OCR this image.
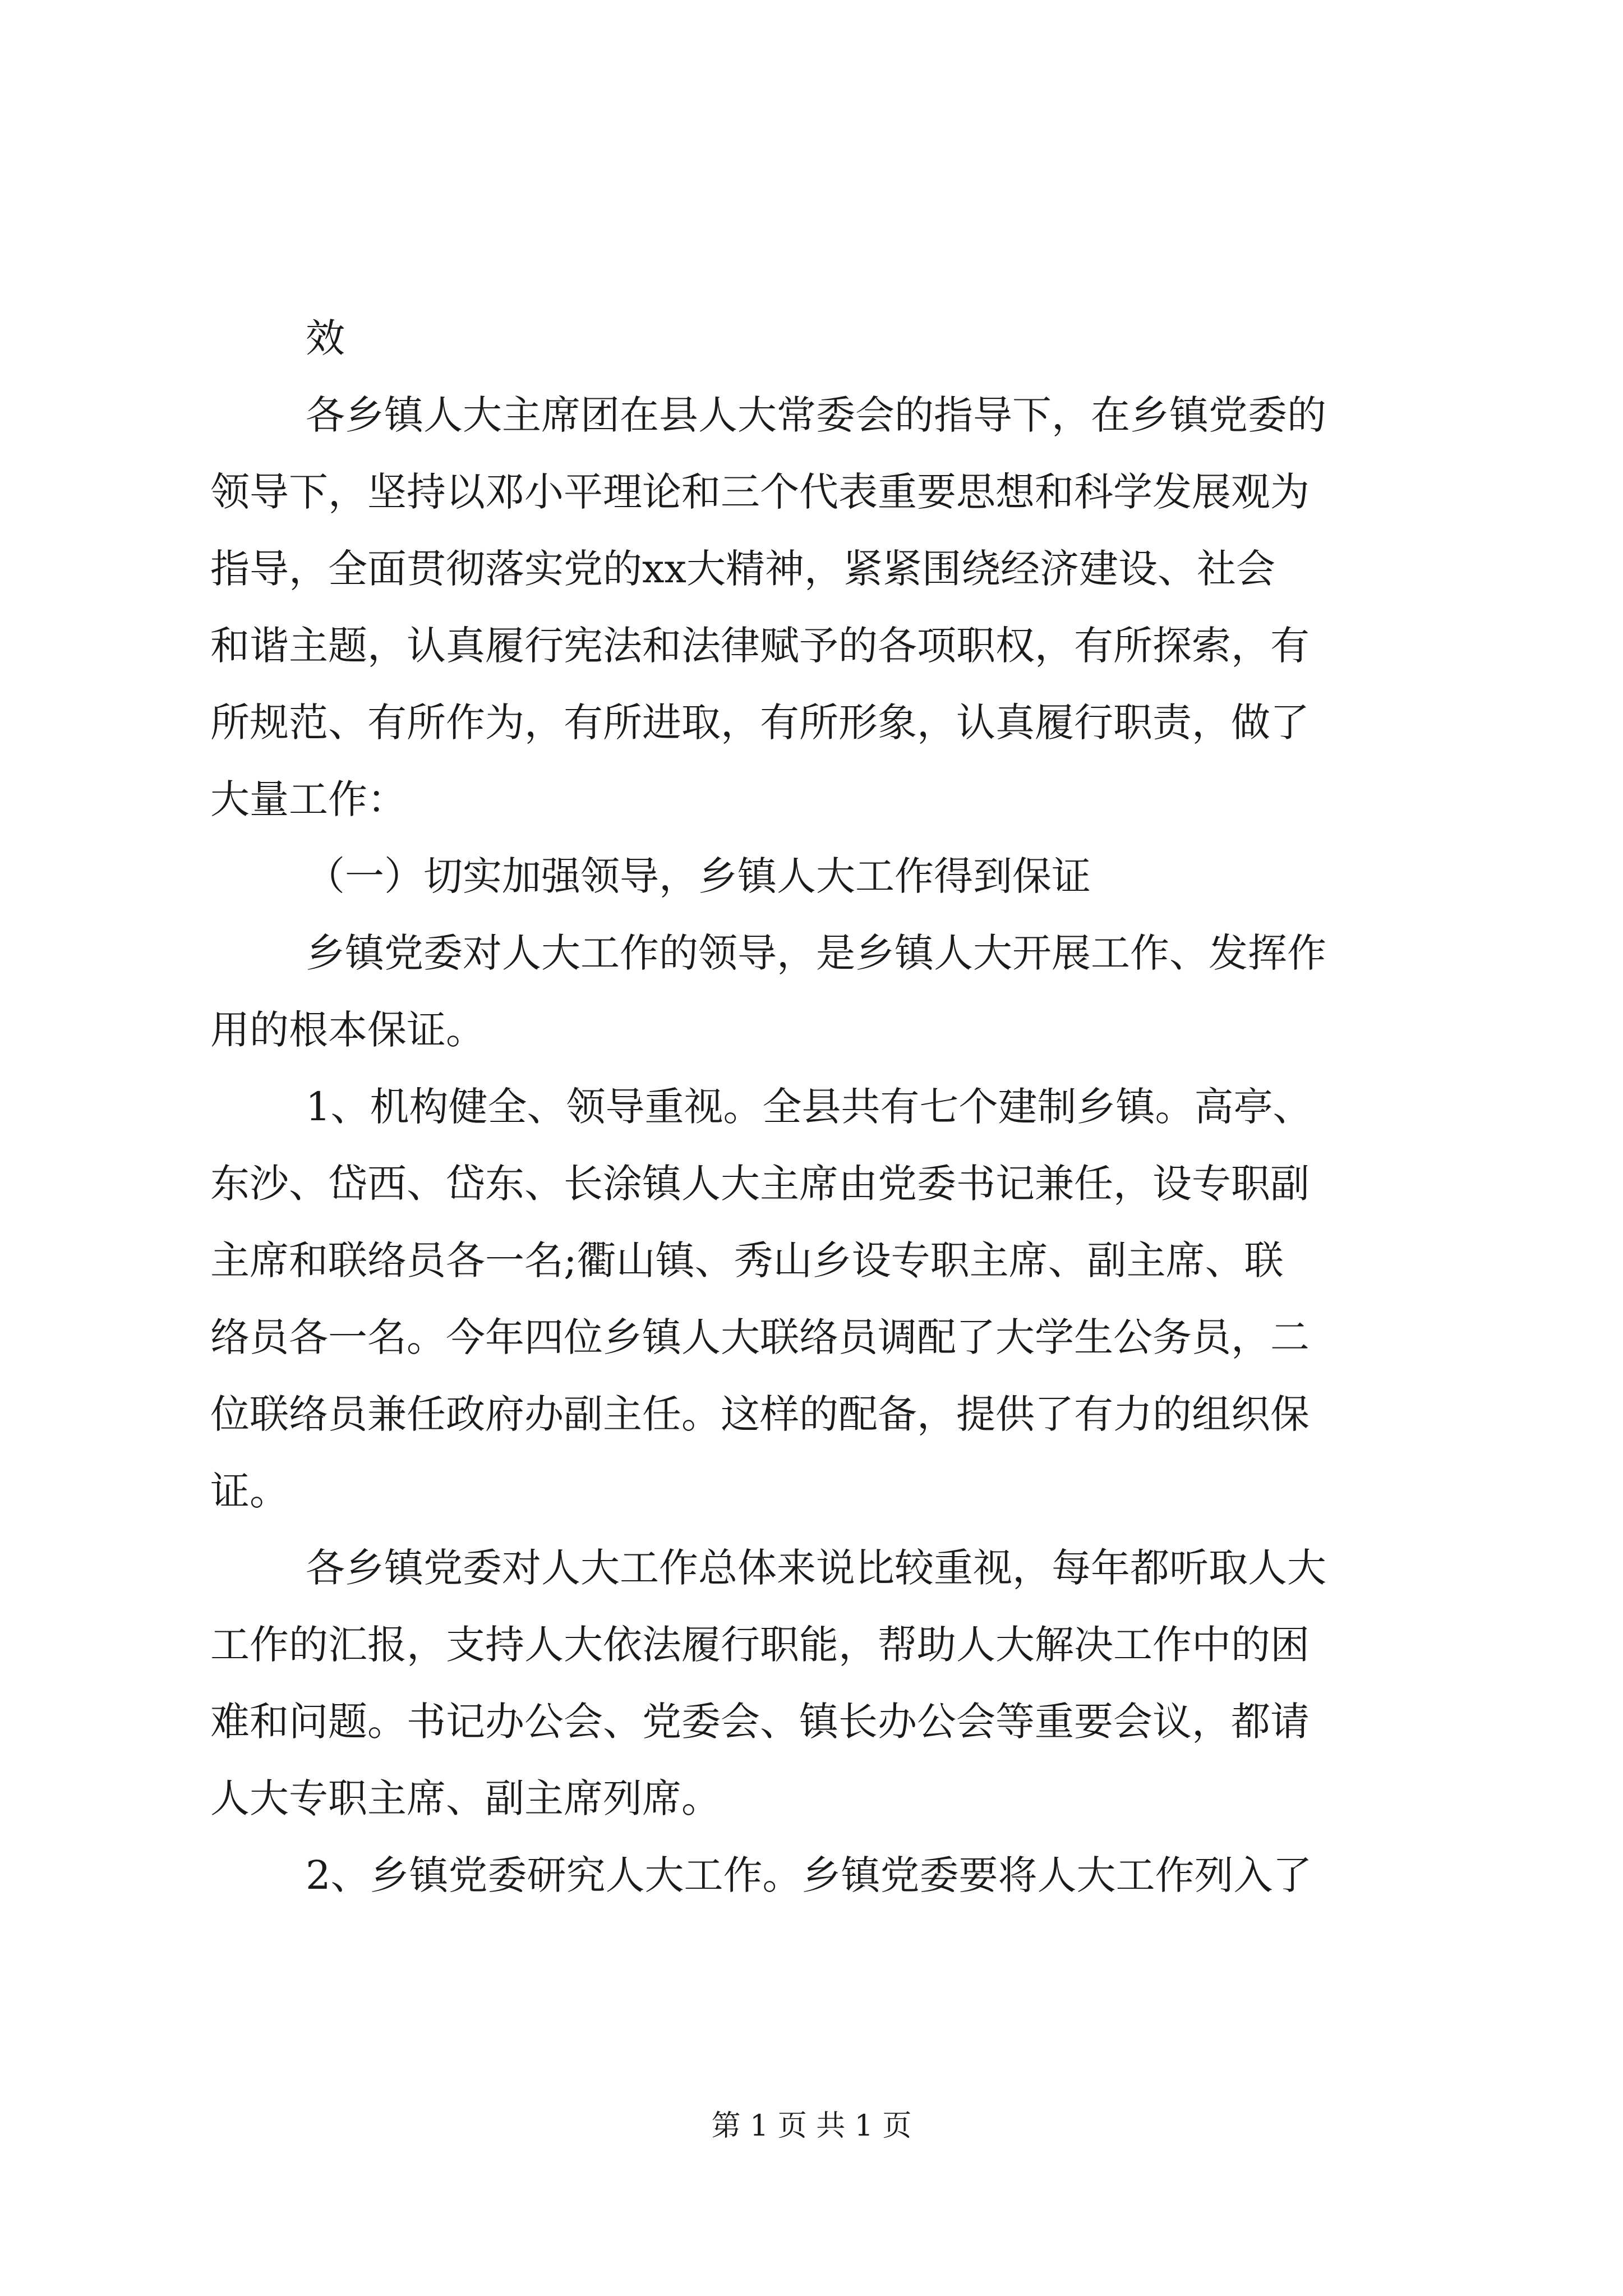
效
各乡镇人大主席团在县人大常委会的指导下，在乡镇党委的
领导下，坚持以邓小平理论和三个代表重要思想和科学发展观为
指导，全面贯彻落实党的xx大精神，紧紧围绕经济建设、社会
和谐主题，认真履行宪法和法律赋予的各项职权，有所探索，有
所规范、有所作为，有所进取，有所形象，认真履行职责，做了
大量工作：
（一）切实加强领导，乡镇人大工作得到保证
乡镇党委对人大工作的领导，是乡镇人大开展工作、发挥作
用的根本保证。
1、机构健全、领导重视。全县共有七个建制乡镇。高亭、
东沙、岱西、岱东、长涂镇人大主席由党委书记兼任，设专职副
主席和联络员各一名;衢山镇、秀山乡设专职主席、副主席、联
络员各一名。今年四位乡镇人大联络员调配了大学生公务员，二
位联络员兼任政府办副主任。这样的配备，提供了有力的组织保
证。
各乡镇党委对人大工作总体来说比较重视，每年都听取人大
工作的汇报，支持人大依法履行职能，帮助人大解决工作中的困
难和问题。书记办公会、党委会、镇长办公会等重要会议，都请
人大专职主席、副主席列席。
2、乡镇党委研究人大工作。乡镇党委要将人大工作列入了
第 1 页 共 1 页
